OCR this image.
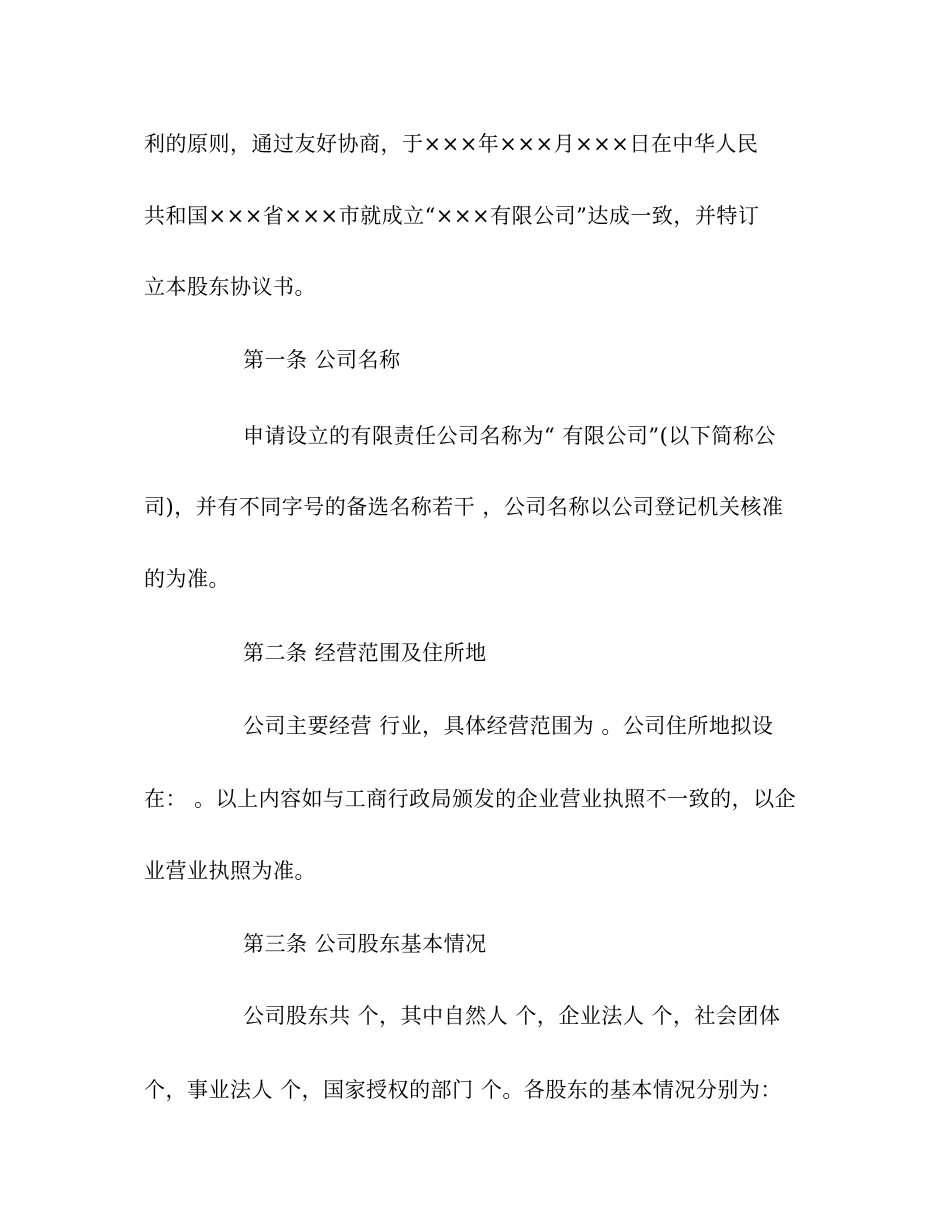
利的原则，通过友好协商，于×××年×××月×××日在中华人民
共和国×××省×××市就成立“×××有限公司”达成一致，并特订
立本股东协议书。
第一条 公司名称
申请设立的有限责任公司名称为“ 有限公司”(以下简称公
司)，并有不同字号的备选名称若干 ，公司名称以公司登记机关核准
的为准。
第二条 经营范围及住所地
公司主要经营 行业，具体经营范围为 。公司住所地拟设
在： 。以上内容如与工商行政局颁发的企业营业执照不一致的，以企
业营业执照为准。
第三条 公司股东基本情况
公司股东共 个，其中自然人 个，企业法人 个，社会团体
个，事业法人 个，国家授权的部门 个。各股东的基本情况分别为：
